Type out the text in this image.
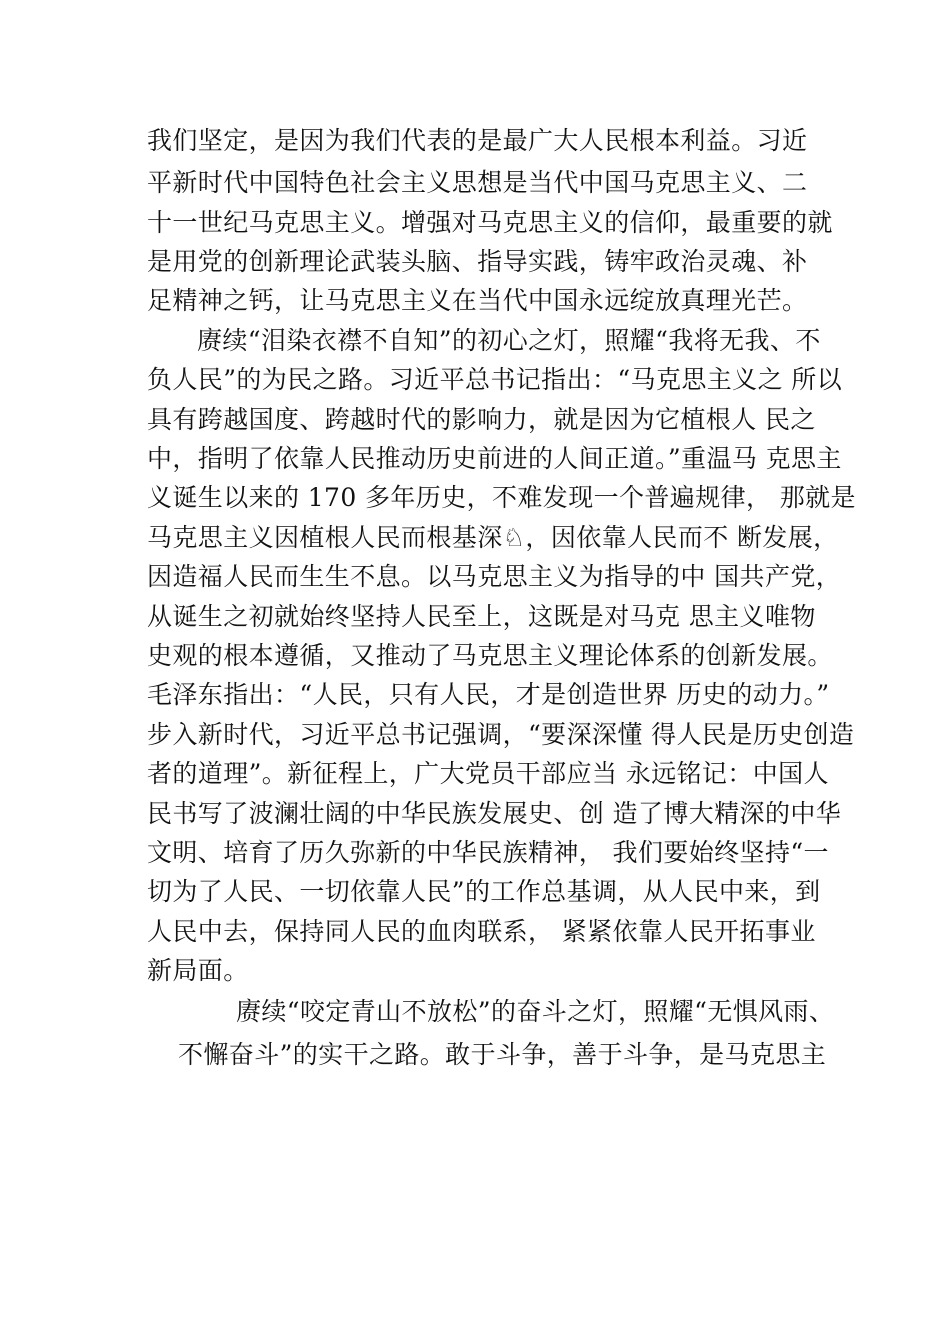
我们坚定，是因为我们代表的是最广大人民根本利益。习近
平新时代中国特色社会主义思想是当代中国马克思主义、二
十一世纪马克思主义。增强对马克思主义的信仰，最重要的就
是用党的创新理论武装头脑、指导实践，铸牢政治灵魂、补
足精神之钙，让马克思主义在当代中国永远绽放真理光芒。
赓续“泪染衣襟不自知”的初心之灯，照耀“我将无我、不
负人民”的为民之路。习近平总书记指出：“马克思主义之 所以
具有跨越国度、跨越时代的影响力，就是因为它植根人 民之
中，指明了依靠人民推动历史前进的人间正道。”重温马 克思主
义诞生以来的 170 多年历史，不难发现一个普遍规律， 那就是
马克思主义因植根人民而根基深♘，因依靠人民而不 断发展，
因造福人民而生生不息。以马克思主义为指导的中 国共产党，
从诞生之初就始终坚持人民至上，这既是对马克 思主义唯物
史观的根本遵循，又推动了马克思主义理论体系的创新发展。
毛泽东指出：“人民，只有人民，才是创造世界 历史的动力。”
步入新时代，习近平总书记强调，“要深深懂 得人民是历史创造
者的道理”。新征程上，广大党员干部应当 永远铭记：中国人
民书写了波澜壮阔的中华民族发展史、创 造了博大精深的中华
文明、培育了历久弥新的中华民族精神， 我们要始终坚持“一
切为了人民、一切依靠人民”的工作总基调，从人民中来，到
人民中去，保持同人民的血肉联系， 紧紧依靠人民开拓事业
新局面。
赓续“咬定青山不放松”的奋斗之灯，照耀“无惧风雨、
不懈奋斗”的实干之路。敢于斗争，善于斗争，是马克思主
